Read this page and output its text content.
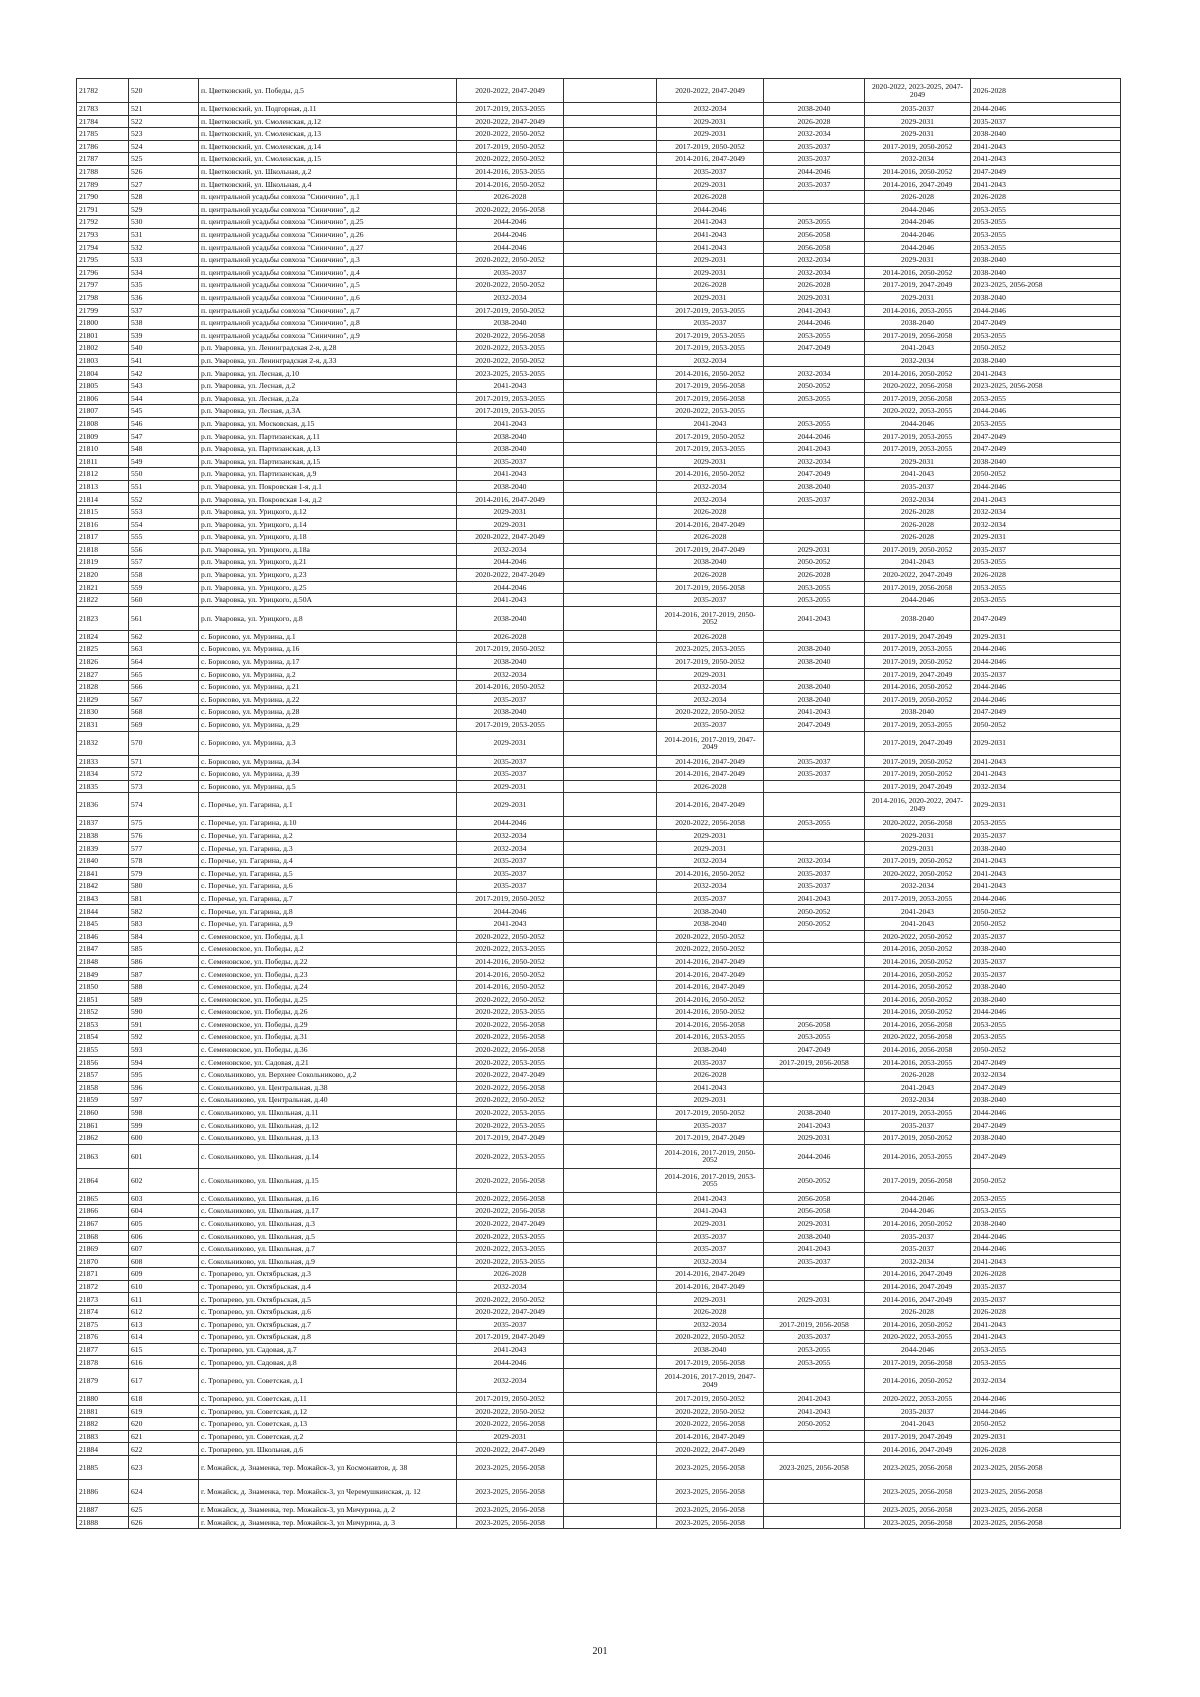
21782	520	п. Цветковский, ул. Победы, д.5	2020-2022, 2047-2049		2020-2022, 2047-2049		2020-2022, 2023-2025, 2047-2049	2026-2028
21783	521	п. Цветковский, ул. Подгорная, д.11	2017-2019, 2053-2055		2032-2034	2038-2040	2035-2037	2044-2046
21784	522	п. Цветковский, ул. Смоленская, д.12	2020-2022, 2047-2049		2029-2031	2026-2028	2029-2031	2035-2037
21785	523	п. Цветковский, ул. Смоленская, д.13	2020-2022, 2050-2052		2029-2031	2032-2034	2029-2031	2038-2040
21786	524	п. Цветковский, ул. Смоленская, д.14	2017-2019, 2050-2052		2017-2019, 2050-2052	2035-2037	2017-2019, 2050-2052	2041-2043
21787	525	п. Цветковский, ул. Смоленская, д.15	2020-2022, 2050-2052		2014-2016, 2047-2049	2035-2037	2032-2034	2041-2043
21788	526	п. Цветковский, ул. Школьная, д.2	2014-2016, 2053-2055		2035-2037	2044-2046	2014-2016, 2050-2052	2047-2049
21789	527	п. Цветковский, ул. Школьная, д.4	2014-2016, 2050-2052		2029-2031	2035-2037	2014-2016, 2047-2049	2041-2043
21790	528	п. центральной усадьбы совхоза "Синичино", д.1	2026-2028		2026-2028		2026-2028	2026-2028
21791	529	п. центральной усадьбы совхоза "Синичино", д.2	2020-2022, 2056-2058		2044-2046		2044-2046	2053-2055
21792	530	п. центральной усадьбы совхоза "Синичино", д.25	2044-2046		2041-2043	2053-2055	2044-2046	2053-2055
21793	531	п. центральной усадьбы совхоза "Синичино", д.26	2044-2046		2041-2043	2056-2058	2044-2046	2053-2055
21794	532	п. центральной усадьбы совхоза "Синичино", д.27	2044-2046		2041-2043	2056-2058	2044-2046	2053-2055
21795	533	п. центральной усадьбы совхоза "Синичино", д.3	2020-2022, 2050-2052		2029-2031	2032-2034	2029-2031	2038-2040
21796	534	п. центральной усадьбы совхоза "Синичино", д.4	2035-2037		2029-2031	2032-2034	2014-2016, 2050-2052	2038-2040
21797	535	п. центральной усадьбы совхоза "Синичино", д.5	2020-2022, 2050-2052		2026-2028	2026-2028	2017-2019, 2047-2049	2023-2025, 2056-2058
21798	536	п. центральной усадьбы совхоза "Синичино", д.6	2032-2034		2029-2031	2029-2031	2029-2031	2038-2040
21799	537	п. центральной усадьбы совхоза "Синичино", д.7	2017-2019, 2050-2052		2017-2019, 2053-2055	2041-2043	2014-2016, 2053-2055	2044-2046
21800	538	п. центральной усадьбы совхоза "Синичино", д.8	2038-2040		2035-2037	2044-2046	2038-2040	2047-2049
21801	539	п. центральной усадьбы совхоза "Синичино", д.9	2020-2022, 2056-2058		2017-2019, 2053-2055	2053-2055	2017-2019, 2056-2058	2053-2055
21802	540	р.п. Уваровка, ул. Ленинградская 2-я, д.28	2020-2022, 2053-2055		2017-2019, 2053-2055	2047-2049	2041-2043	2050-2052
21803	541	р.п. Уваровка, ул. Ленинградская 2-я, д.33	2020-2022, 2050-2052		2032-2034		2032-2034	2038-2040
21804	542	р.п. Уваровка, ул. Лесная, д.10	2023-2025, 2053-2055		2014-2016, 2050-2052	2032-2034	2014-2016, 2050-2052	2041-2043
21805	543	р.п. Уваровка, ул. Лесная, д.2	2041-2043		2017-2019, 2056-2058	2050-2052	2020-2022, 2056-2058	2023-2025, 2056-2058
21806	544	р.п. Уваровка, ул. Лесная, д.2а	2017-2019, 2053-2055		2017-2019, 2056-2058	2053-2055	2017-2019, 2056-2058	2053-2055
21807	545	р.п. Уваровка, ул. Лесная, д.3А	2017-2019, 2053-2055		2020-2022, 2053-2055		2020-2022, 2053-2055	2044-2046
21808	546	р.п. Уваровка, ул. Московская, д.15	2041-2043		2041-2043	2053-2055	2044-2046	2053-2055
21809	547	р.п. Уваровка, ул. Партизанская, д.11	2038-2040		2017-2019, 2050-2052	2044-2046	2017-2019, 2053-2055	2047-2049
21810	548	р.п. Уваровка, ул. Партизанская, д.13	2038-2040		2017-2019, 2053-2055	2041-2043	2017-2019, 2053-2055	2047-2049
21811	549	р.п. Уваровка, ул. Партизанская, д.15	2035-2037		2029-2031	2032-2034	2029-2031	2038-2040
21812	550	р.п. Уваровка, ул. Партизанская, д.9	2041-2043		2014-2016, 2050-2052	2047-2049	2041-2043	2050-2052
21813	551	р.п. Уваровка, ул. Покровская 1-я, д.1	2038-2040		2032-2034	2038-2040	2035-2037	2044-2046
21814	552	р.п. Уваровка, ул. Покровская 1-я, д.2	2014-2016, 2047-2049		2032-2034	2035-2037	2032-2034	2041-2043
21815	553	р.п. Уваровка, ул. Урицкого, д.12	2029-2031		2026-2028		2026-2028	2032-2034
21816	554	р.п. Уваровка, ул. Урицкого, д.14	2029-2031		2014-2016, 2047-2049		2026-2028	2032-2034
21817	555	р.п. Уваровка, ул. Урицкого, д.18	2020-2022, 2047-2049		2026-2028		2026-2028	2029-2031
21818	556	р.п. Уваровка, ул. Урицкого, д.18а	2032-2034		2017-2019, 2047-2049	2029-2031	2017-2019, 2050-2052	2035-2037
21819	557	р.п. Уваровка, ул. Урицкого, д.21	2044-2046		2038-2040	2050-2052	2041-2043	2053-2055
21820	558	р.п. Уваровка, ул. Урицкого, д.23	2020-2022, 2047-2049		2026-2028	2026-2028	2020-2022, 2047-2049	2026-2028
21821	559	р.п. Уваровка, ул. Урицкого, д.25	2044-2046		2017-2019, 2056-2058	2053-2055	2017-2019, 2056-2058	2053-2055
21822	560	р.п. Уваровка, ул. Урицкого, д.50А	2041-2043		2035-2037	2053-2055	2044-2046	2053-2055
21823	561	р.п. Уваровка, ул. Урицкого, д.8	2038-2040		2014-2016, 2017-2019, 2050-2052	2041-2043	2038-2040	2047-2049
21824	562	с. Борисово, ул. Мурзина, д.1	2026-2028		2026-2028		2017-2019, 2047-2049	2029-2031
21825	563	с. Борисово, ул. Мурзина, д.16	2017-2019, 2050-2052		2023-2025, 2053-2055	2038-2040	2017-2019, 2053-2055	2044-2046
21826	564	с. Борисово, ул. Мурзина, д.17	2038-2040		2017-2019, 2050-2052	2038-2040	2017-2019, 2050-2052	2044-2046
21827	565	с. Борисово, ул. Мурзина, д.2	2032-2034		2029-2031		2017-2019, 2047-2049	2035-2037
21828	566	с. Борисово, ул. Мурзина, д.21	2014-2016, 2050-2052		2032-2034	2038-2040	2014-2016, 2050-2052	2044-2046
21829	567	с. Борисово, ул. Мурзина, д.22	2035-2037		2032-2034	2038-2040	2017-2019, 2050-2052	2044-2046
21830	568	с. Борисово, ул. Мурзина, д.28	2038-2040		2020-2022, 2050-2052	2041-2043	2038-2040	2047-2049
21831	569	с. Борисово, ул. Мурзина, д.29	2017-2019, 2053-2055		2035-2037	2047-2049	2017-2019, 2053-2055	2050-2052
21832	570	с. Борисово, ул. Мурзина, д.3	2029-2031		2014-2016, 2017-2019, 2047-2049		2017-2019, 2047-2049	2029-2031
21833	571	с. Борисово, ул. Мурзина, д.34	2035-2037		2014-2016, 2047-2049	2035-2037	2017-2019, 2050-2052	2041-2043
21834	572	с. Борисово, ул. Мурзина, д.39	2035-2037		2014-2016, 2047-2049	2035-2037	2017-2019, 2050-2052	2041-2043
21835	573	с. Борисово, ул. Мурзина, д.5	2029-2031		2026-2028		2017-2019, 2047-2049	2032-2034
21836	574	с. Поречье, ул. Гагарина, д.1	2029-2031		2014-2016, 2047-2049		2014-2016, 2020-2022, 2047-2049	2029-2031
21837	575	с. Поречье, ул. Гагарина, д.10	2044-2046		2020-2022, 2056-2058	2053-2055	2020-2022, 2056-2058	2053-2055
21838	576	с. Поречье, ул. Гагарина, д.2	2032-2034		2029-2031		2029-2031	2035-2037
21839	577	с. Поречье, ул. Гагарина, д.3	2032-2034		2029-2031		2029-2031	2038-2040
21840	578	с. Поречье, ул. Гагарина, д.4	2035-2037		2032-2034	2032-2034	2017-2019, 2050-2052	2041-2043
21841	579	с. Поречье, ул. Гагарина, д.5	2035-2037		2014-2016, 2050-2052	2035-2037	2020-2022, 2050-2052	2041-2043
21842	580	с. Поречье, ул. Гагарина, д.6	2035-2037		2032-2034	2035-2037	2032-2034	2041-2043
21843	581	с. Поречье, ул. Гагарина, д.7	2017-2019, 2050-2052		2035-2037	2041-2043	2017-2019, 2053-2055	2044-2046
21844	582	с. Поречье, ул. Гагарина, д.8	2044-2046		2038-2040	2050-2052	2041-2043	2050-2052
21845	583	с. Поречье, ул. Гагарина, д.9	2041-2043		2038-2040	2050-2052	2041-2043	2050-2052
21846	584	с. Семеновское, ул. Победы, д.1	2020-2022, 2050-2052		2020-2022, 2050-2052		2020-2022, 2050-2052	2035-2037
21847	585	с. Семеновское, ул. Победы, д.2	2020-2022, 2053-2055		2020-2022, 2050-2052		2014-2016, 2050-2052	2038-2040
21848	586	с. Семеновское, ул. Победы, д.22	2014-2016, 2050-2052		2014-2016, 2047-2049		2014-2016, 2050-2052	2035-2037
21849	587	с. Семеновское, ул. Победы, д.23	2014-2016, 2050-2052		2014-2016, 2047-2049		2014-2016, 2050-2052	2035-2037
21850	588	с. Семеновское, ул. Победы, д.24	2014-2016, 2050-2052		2014-2016, 2047-2049		2014-2016, 2050-2052	2038-2040
21851	589	с. Семеновское, ул. Победы, д.25	2020-2022, 2050-2052		2014-2016, 2050-2052		2014-2016, 2050-2052	2038-2040
21852	590	с. Семеновское, ул. Победы, д.26	2020-2022, 2053-2055		2014-2016, 2050-2052		2014-2016, 2050-2052	2044-2046
21853	591	с. Семеновское, ул. Победы, д.29	2020-2022, 2056-2058		2014-2016, 2056-2058	2056-2058	2014-2016, 2056-2058	2053-2055
21854	592	с. Семеновское, ул. Победы, д.31	2020-2022, 2056-2058		2014-2016, 2053-2055	2053-2055	2020-2022, 2056-2058	2053-2055
21855	593	с. Семеновское, ул. Победы, д.36	2020-2022, 2056-2058		2038-2040	2047-2049	2014-2016, 2056-2058	2050-2052
21856	594	с. Семеновское, ул. Садовая, д.21	2020-2022, 2053-2055		2035-2037	2017-2019, 2056-2058	2014-2016, 2053-2055	2047-2049
21857	595	с. Сокольниково, ул. Верхнее Сокольниково, д.2	2020-2022, 2047-2049		2026-2028		2026-2028	2032-2034
21858	596	с. Сокольниково, ул. Центральная, д.38	2020-2022, 2056-2058		2041-2043		2041-2043	2047-2049
21859	597	с. Сокольниково, ул. Центральная, д.40	2020-2022, 2050-2052		2029-2031		2032-2034	2038-2040
21860	598	с. Сокольниково, ул. Школьная, д.11	2020-2022, 2053-2055		2017-2019, 2050-2052	2038-2040	2017-2019, 2053-2055	2044-2046
21861	599	с. Сокольниково, ул. Школьная, д.12	2020-2022, 2053-2055		2035-2037	2041-2043	2035-2037	2047-2049
21862	600	с. Сокольниково, ул. Школьная, д.13	2017-2019, 2047-2049		2017-2019, 2047-2049	2029-2031	2017-2019, 2050-2052	2038-2040
21863	601	с. Сокольниково, ул. Школьная, д.14	2020-2022, 2053-2055		2014-2016, 2017-2019, 2050-2052	2044-2046	2014-2016, 2053-2055	2047-2049
21864	602	с. Сокольниково, ул. Школьная, д.15	2020-2022, 2056-2058		2014-2016, 2017-2019, 2053-2055	2050-2052	2017-2019, 2056-2058	2050-2052
21865	603	с. Сокольниково, ул. Школьная, д.16	2020-2022, 2056-2058		2041-2043	2056-2058	2044-2046	2053-2055
21866	604	с. Сокольниково, ул. Школьная, д.17	2020-2022, 2056-2058		2041-2043	2056-2058	2044-2046	2053-2055
21867	605	с. Сокольниково, ул. Школьная, д.3	2020-2022, 2047-2049		2029-2031	2029-2031	2014-2016, 2050-2052	2038-2040
21868	606	с. Сокольниково, ул. Школьная, д.5	2020-2022, 2053-2055		2035-2037	2038-2040	2035-2037	2044-2046
21869	607	с. Сокольниково, ул. Школьная, д.7	2020-2022, 2053-2055		2035-2037	2041-2043	2035-2037	2044-2046
21870	608	с. Сокольниково, ул. Школьная, д.9	2020-2022, 2053-2055		2032-2034	2035-2037	2032-2034	2041-2043
21871	609	с. Тропарево, ул. Октябрьская, д.3	2026-2028		2014-2016, 2047-2049		2014-2016, 2047-2049	2026-2028
21872	610	с. Тропарево, ул. Октябрьская, д.4	2032-2034		2014-2016, 2047-2049		2014-2016, 2047-2049	2035-2037
21873	611	с. Тропарево, ул. Октябрьская, д.5	2020-2022, 2050-2052		2029-2031	2029-2031	2014-2016, 2047-2049	2035-2037
21874	612	с. Тропарево, ул. Октябрьская, д.6	2020-2022, 2047-2049		2026-2028		2026-2028	2026-2028
21875	613	с. Тропарево, ул. Октябрьская, д.7	2035-2037		2032-2034	2017-2019, 2056-2058	2014-2016, 2050-2052	2041-2043
21876	614	с. Тропарево, ул. Октябрьская, д.8	2017-2019, 2047-2049		2020-2022, 2050-2052	2035-2037	2020-2022, 2053-2055	2041-2043
21877	615	с. Тропарево, ул. Садовая, д.7	2041-2043		2038-2040	2053-2055	2044-2046	2053-2055
21878	616	с. Тропарево, ул. Садовая, д.8	2044-2046		2017-2019, 2056-2058	2053-2055	2017-2019, 2056-2058	2053-2055
21879	617	с. Тропарево, ул. Советская, д.1	2032-2034		2014-2016, 2017-2019, 2047-2049		2014-2016, 2050-2052	2032-2034
21880	618	с. Тропарево, ул. Советская, д.11	2017-2019, 2050-2052		2017-2019, 2050-2052	2041-2043	2020-2022, 2053-2055	2044-2046
21881	619	с. Тропарево, ул. Советская, д.12	2020-2022, 2050-2052		2020-2022, 2050-2052	2041-2043	2035-2037	2044-2046
21882	620	с. Тропарево, ул. Советская, д.13	2020-2022, 2056-2058		2020-2022, 2056-2058	2050-2052	2041-2043	2050-2052
21883	621	с. Тропарево, ул. Советская, д.2	2029-2031		2014-2016, 2047-2049		2017-2019, 2047-2049	2029-2031
21884	622	с. Тропарево, ул. Школьная, д.6	2020-2022, 2047-2049		2020-2022, 2047-2049		2014-2016, 2047-2049	2026-2028
21885	623	г. Можайск, д. Знаменка, тер. Можайск-3, ул Космонавтов, д. 38	2023-2025, 2056-2058		2023-2025, 2056-2058	2023-2025, 2056-2058	2023-2025, 2056-2058	2023-2025, 2056-2058
21886	624	г. Можайск, д. Знаменка, тер. Можайск-3, ул Черемушкинская, д. 12	2023-2025, 2056-2058		2023-2025, 2056-2058		2023-2025, 2056-2058	2023-2025, 2056-2058
21887	625	г. Можайск, д. Знаменка, тер. Можайск-3, ул Мичурина, д. 2	2023-2025, 2056-2058		2023-2025, 2056-2058		2023-2025, 2056-2058	2023-2025, 2056-2058
21888	626	г. Можайск, д. Знаменка, тер. Можайск-3, ул Мичурина, д. 3	2023-2025, 2056-2058		2023-2025, 2056-2058		2023-2025, 2056-2058	2023-2025, 2056-2058
201
